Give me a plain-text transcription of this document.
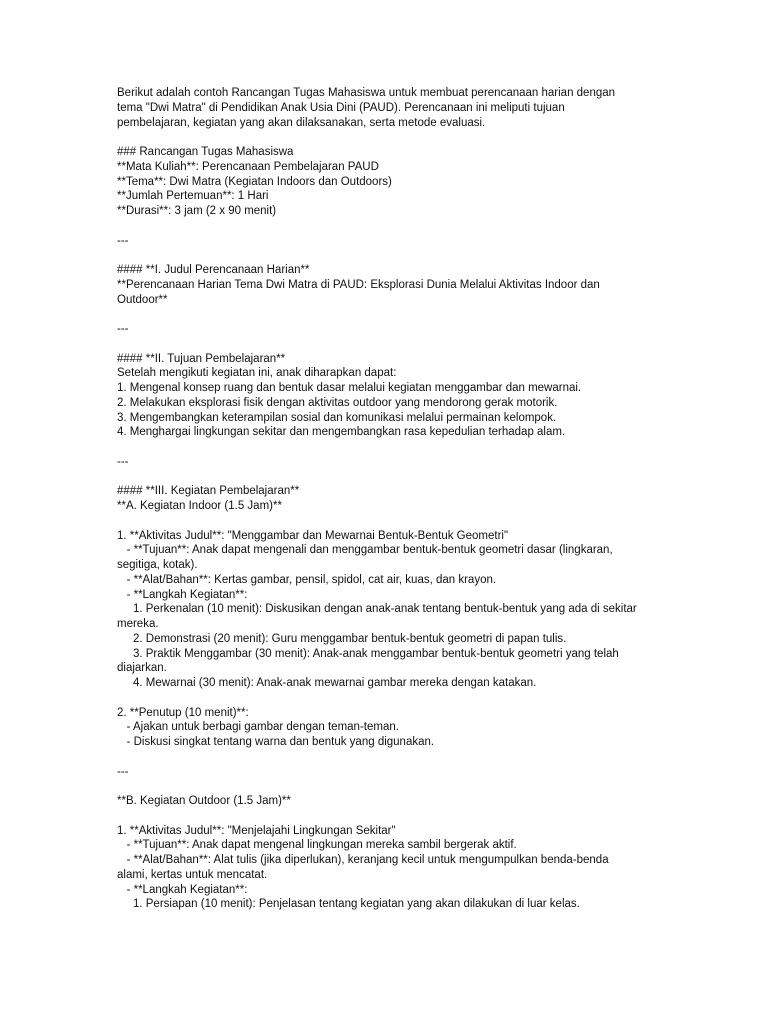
Berikut adalah contoh Rancangan Tugas Mahasiswa untuk membuat perencanaan harian dengan
tema "Dwi Matra" di Pendidikan Anak Usia Dini (PAUD). Perencanaan ini meliputi tujuan
pembelajaran, kegiatan yang akan dilaksanakan, serta metode evaluasi.
### Rancangan Tugas Mahasiswa
**Mata Kuliah**: Perencanaan Pembelajaran PAUD
**Tema**: Dwi Matra (Kegiatan Indoors dan Outdoors)
**Jumlah Pertemuan**: 1 Hari
**Durasi**: 3 jam (2 x 90 menit)
---
#### **I. Judul Perencanaan Harian**
**Perencanaan Harian Tema Dwi Matra di PAUD: Eksplorasi Dunia Melalui Aktivitas Indoor dan
Outdoor**
---
#### **II. Tujuan Pembelajaran**
Setelah mengikuti kegiatan ini, anak diharapkan dapat:
1. Mengenal konsep ruang dan bentuk dasar melalui kegiatan menggambar dan mewarnai.
2. Melakukan eksplorasi fisik dengan aktivitas outdoor yang mendorong gerak motorik.
3. Mengembangkan keterampilan sosial dan komunikasi melalui permainan kelompok.
4. Menghargai lingkungan sekitar dan mengembangkan rasa kepedulian terhadap alam.
---
#### **III. Kegiatan Pembelajaran**
**A. Kegiatan Indoor (1.5 Jam)**
1. **Aktivitas Judul**: "Menggambar dan Mewarnai Bentuk-Bentuk Geometri"
- **Tujuan**: Anak dapat mengenali dan menggambar bentuk-bentuk geometri dasar (lingkaran,
segitiga, kotak).
- **Alat/Bahan**: Kertas gambar, pensil, spidol, cat air, kuas, dan krayon.
- **Langkah Kegiatan**:
1. Perkenalan (10 menit): Diskusikan dengan anak-anak tentang bentuk-bentuk yang ada di sekitar
mereka.
2. Demonstrasi (20 menit): Guru menggambar bentuk-bentuk geometri di papan tulis.
3. Praktik Menggambar (30 menit): Anak-anak menggambar bentuk-bentuk geometri yang telah
diajarkan.
4. Mewarnai (30 menit): Anak-anak mewarnai gambar mereka dengan katakan.
2. **Penutup (10 menit)**:
- Ajakan untuk berbagi gambar dengan teman-teman.
- Diskusi singkat tentang warna dan bentuk yang digunakan.
---
**B. Kegiatan Outdoor (1.5 Jam)**
1. **Aktivitas Judul**: "Menjelajahi Lingkungan Sekitar"
- **Tujuan**: Anak dapat mengenal lingkungan mereka sambil bergerak aktif.
- **Alat/Bahan**: Alat tulis (jika diperlukan), keranjang kecil untuk mengumpulkan benda-benda
alami, kertas untuk mencatat.
- **Langkah Kegiatan**:
1. Persiapan (10 menit): Penjelasan tentang kegiatan yang akan dilakukan di luar kelas.
